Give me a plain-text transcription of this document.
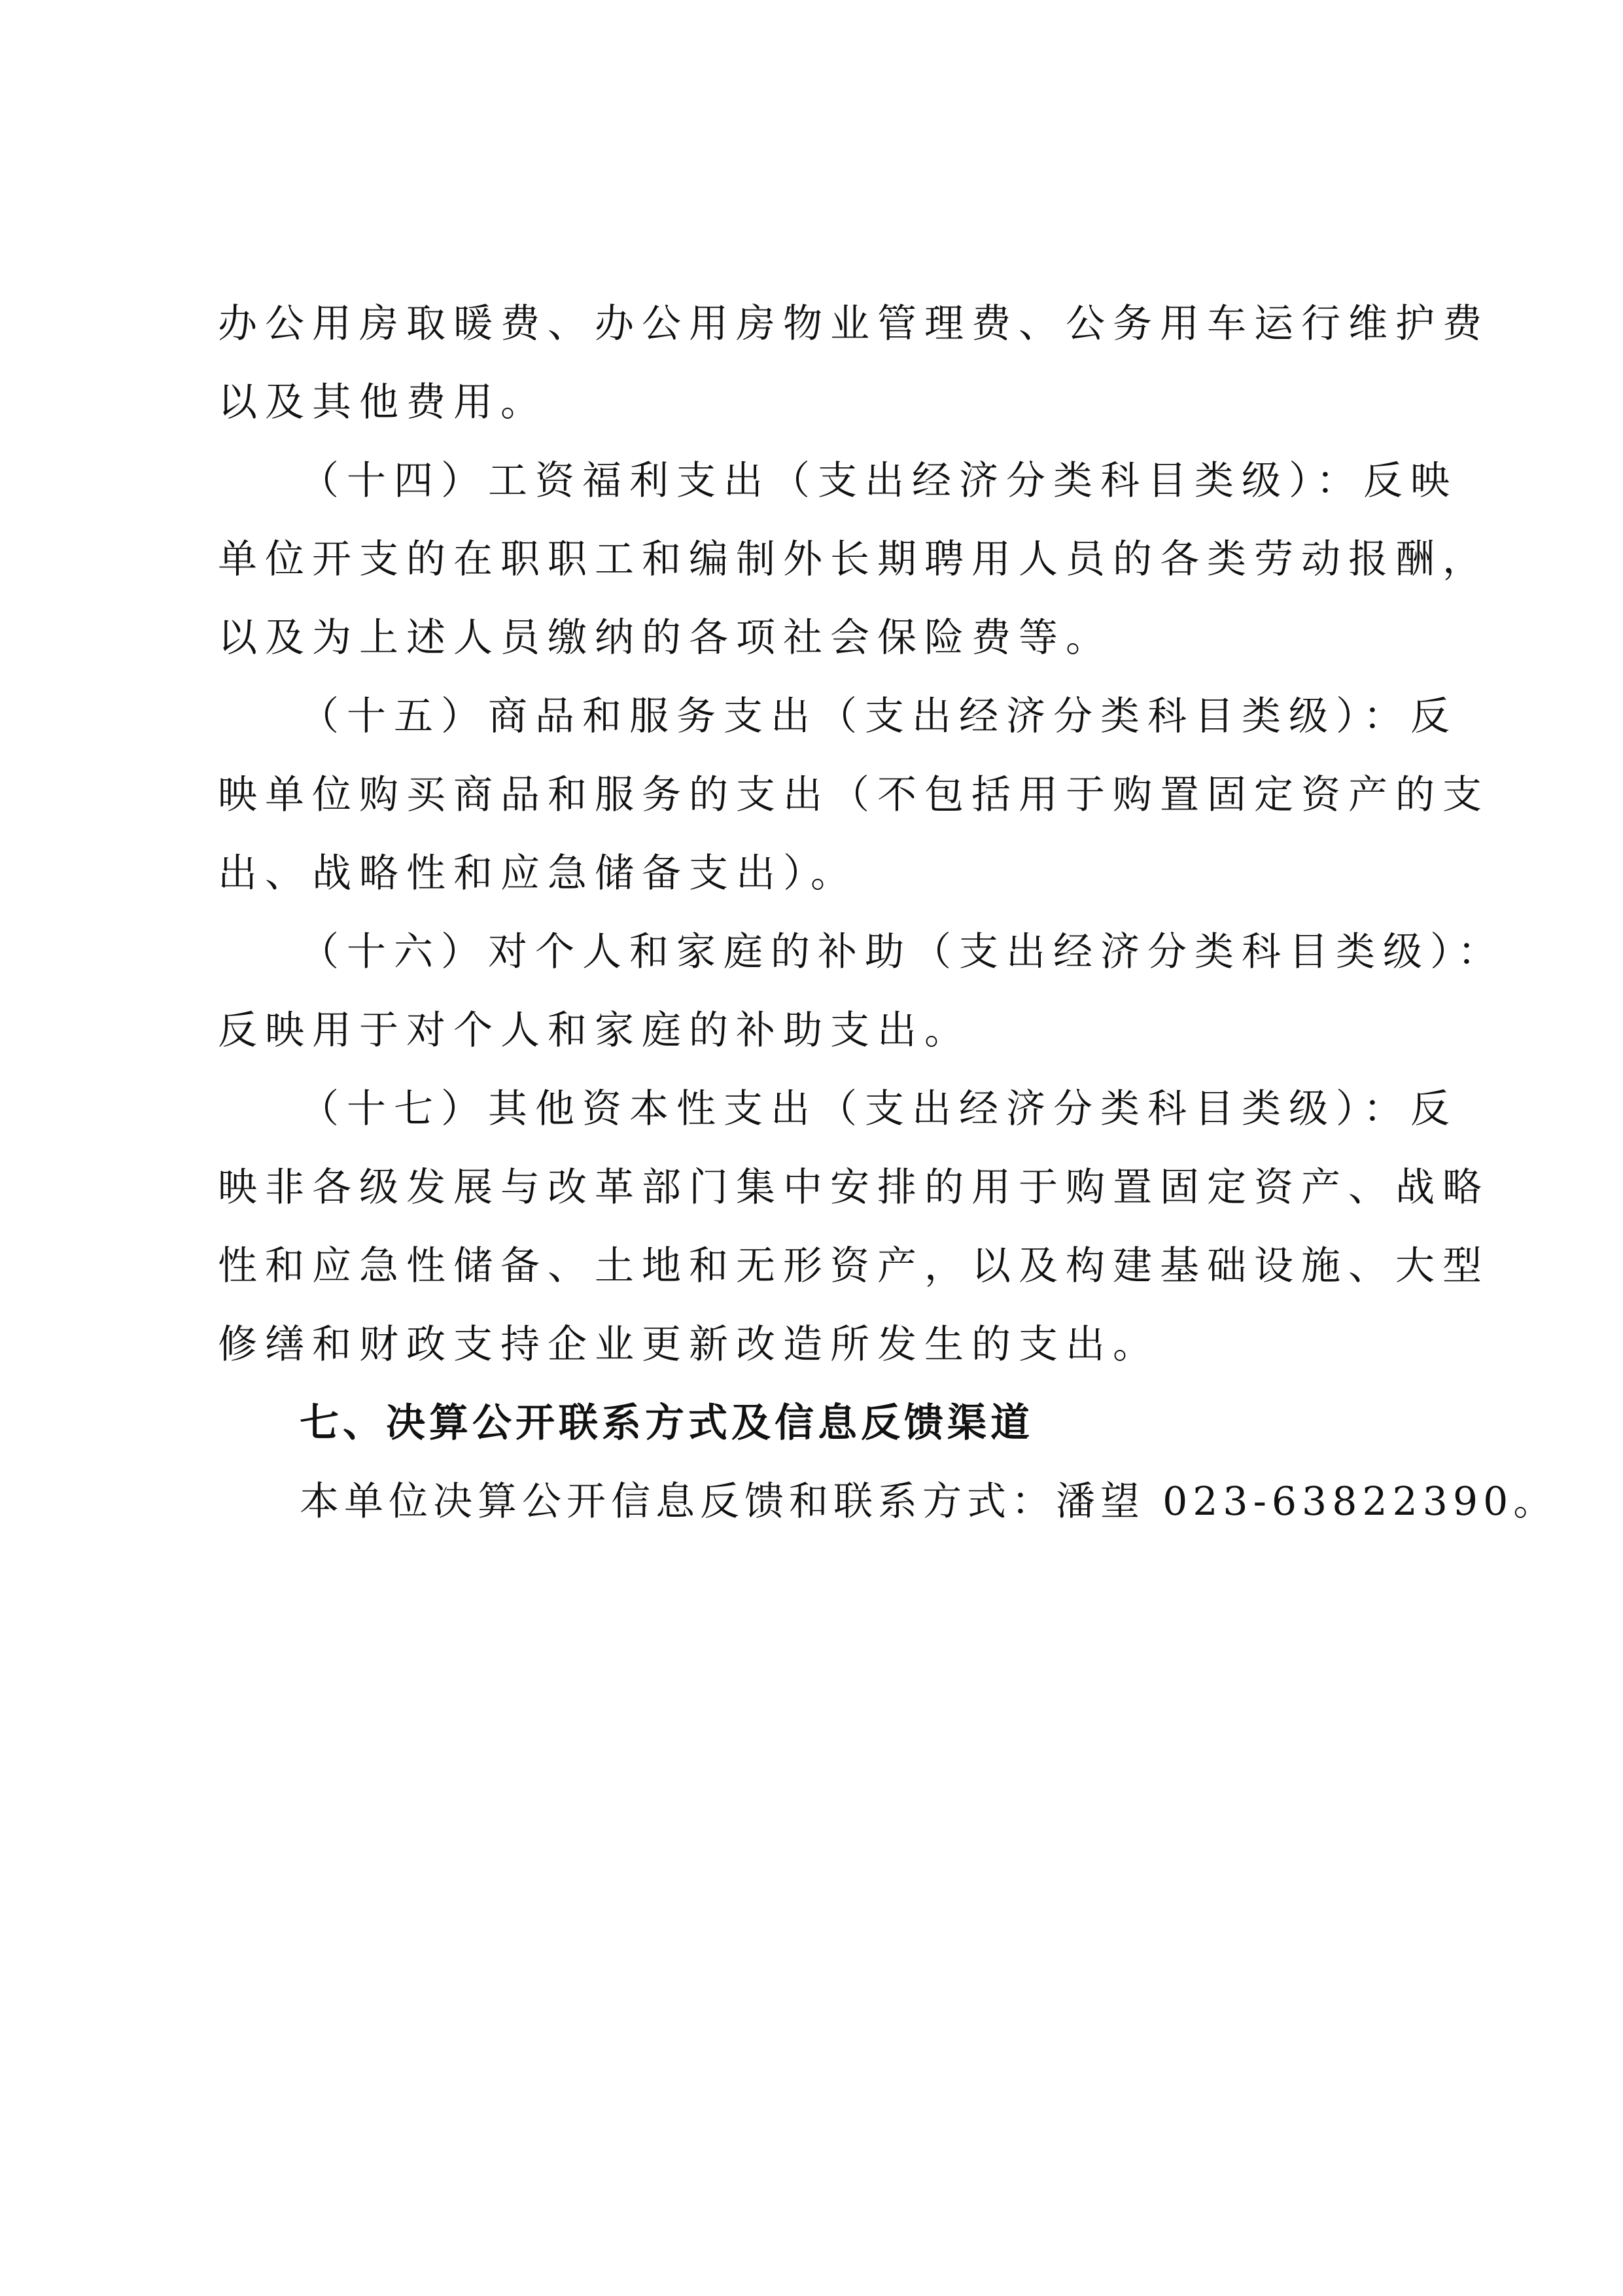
办公用房取暖费、办公用房物业管理费、公务用车运行维护费
以及其他费用。
（十四）工资福利支出（支出经济分类科目类级）：反映
单位开支的在职职工和编制外长期聘用人员的各类劳动报酬，
以及为上述人员缴纳的各项社会保险费等。
（十五）商品和服务支出（支出经济分类科目类级）：反
映单位购买商品和服务的支出（不包括用于购置固定资产的支
出、战略性和应急储备支出）。
（十六）对个人和家庭的补助（支出经济分类科目类级）：
反映用于对个人和家庭的补助支出。
（十七）其他资本性支出（支出经济分类科目类级）：反
映非各级发展与改革部门集中安排的用于购置固定资产、战略
性和应急性储备、土地和无形资产，以及构建基础设施、大型
修缮和财政支持企业更新改造所发生的支出。
七、决算公开联系方式及信息反馈渠道
本单位决算公开信息反馈和联系方式：潘望 023-63822390。
